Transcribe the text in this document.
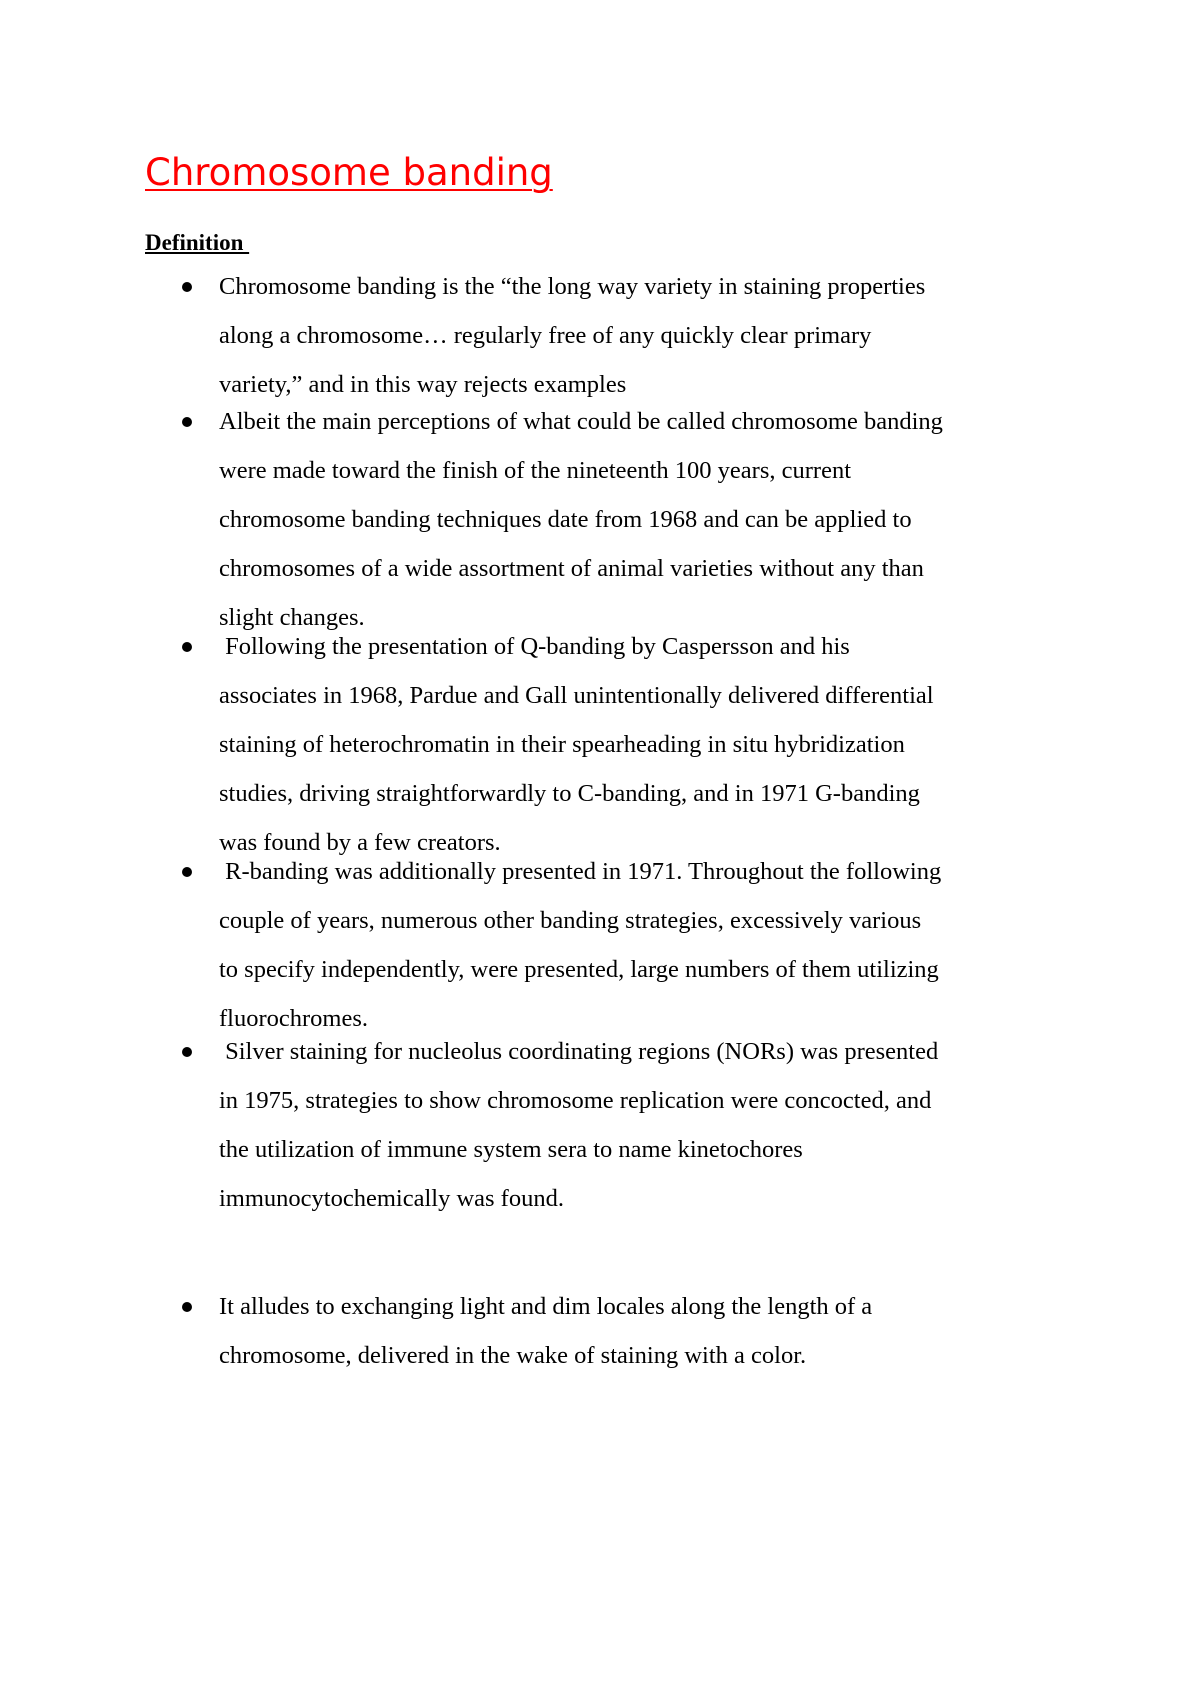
Chromosome banding
Definition

Chromosome banding is the “the long way variety in staining properties
along a chromosome… regularly free of any quickly clear primary
variety,” and in this way rejects examples

Albeit the main perceptions of what could be called chromosome banding
were made toward the finish of the nineteenth 100 years, current
chromosome banding techniques date from 1968 and can be applied to
chromosomes of a wide assortment of animal varieties without any than
slight changes.

Following the presentation of Q-banding by Caspersson and his
associates in 1968, Pardue and Gall unintentionally delivered differential
staining of heterochromatin in their spearheading in situ hybridization
studies, driving straightforwardly to C-banding, and in 1971 G-banding
was found by a few creators.

R-banding was additionally presented in 1971. Throughout the following
couple of years, numerous other banding strategies, excessively various
to specify independently, were presented, large numbers of them utilizing
fluorochromes.

Silver staining for nucleolus coordinating regions (NORs) was presented
in 1975, strategies to show chromosome replication were concocted, and
the utilization of immune system sera to name kinetochores
immunocytochemically was found.

It alludes to exchanging light and dim locales along the length of a
chromosome, delivered in the wake of staining with a color.
